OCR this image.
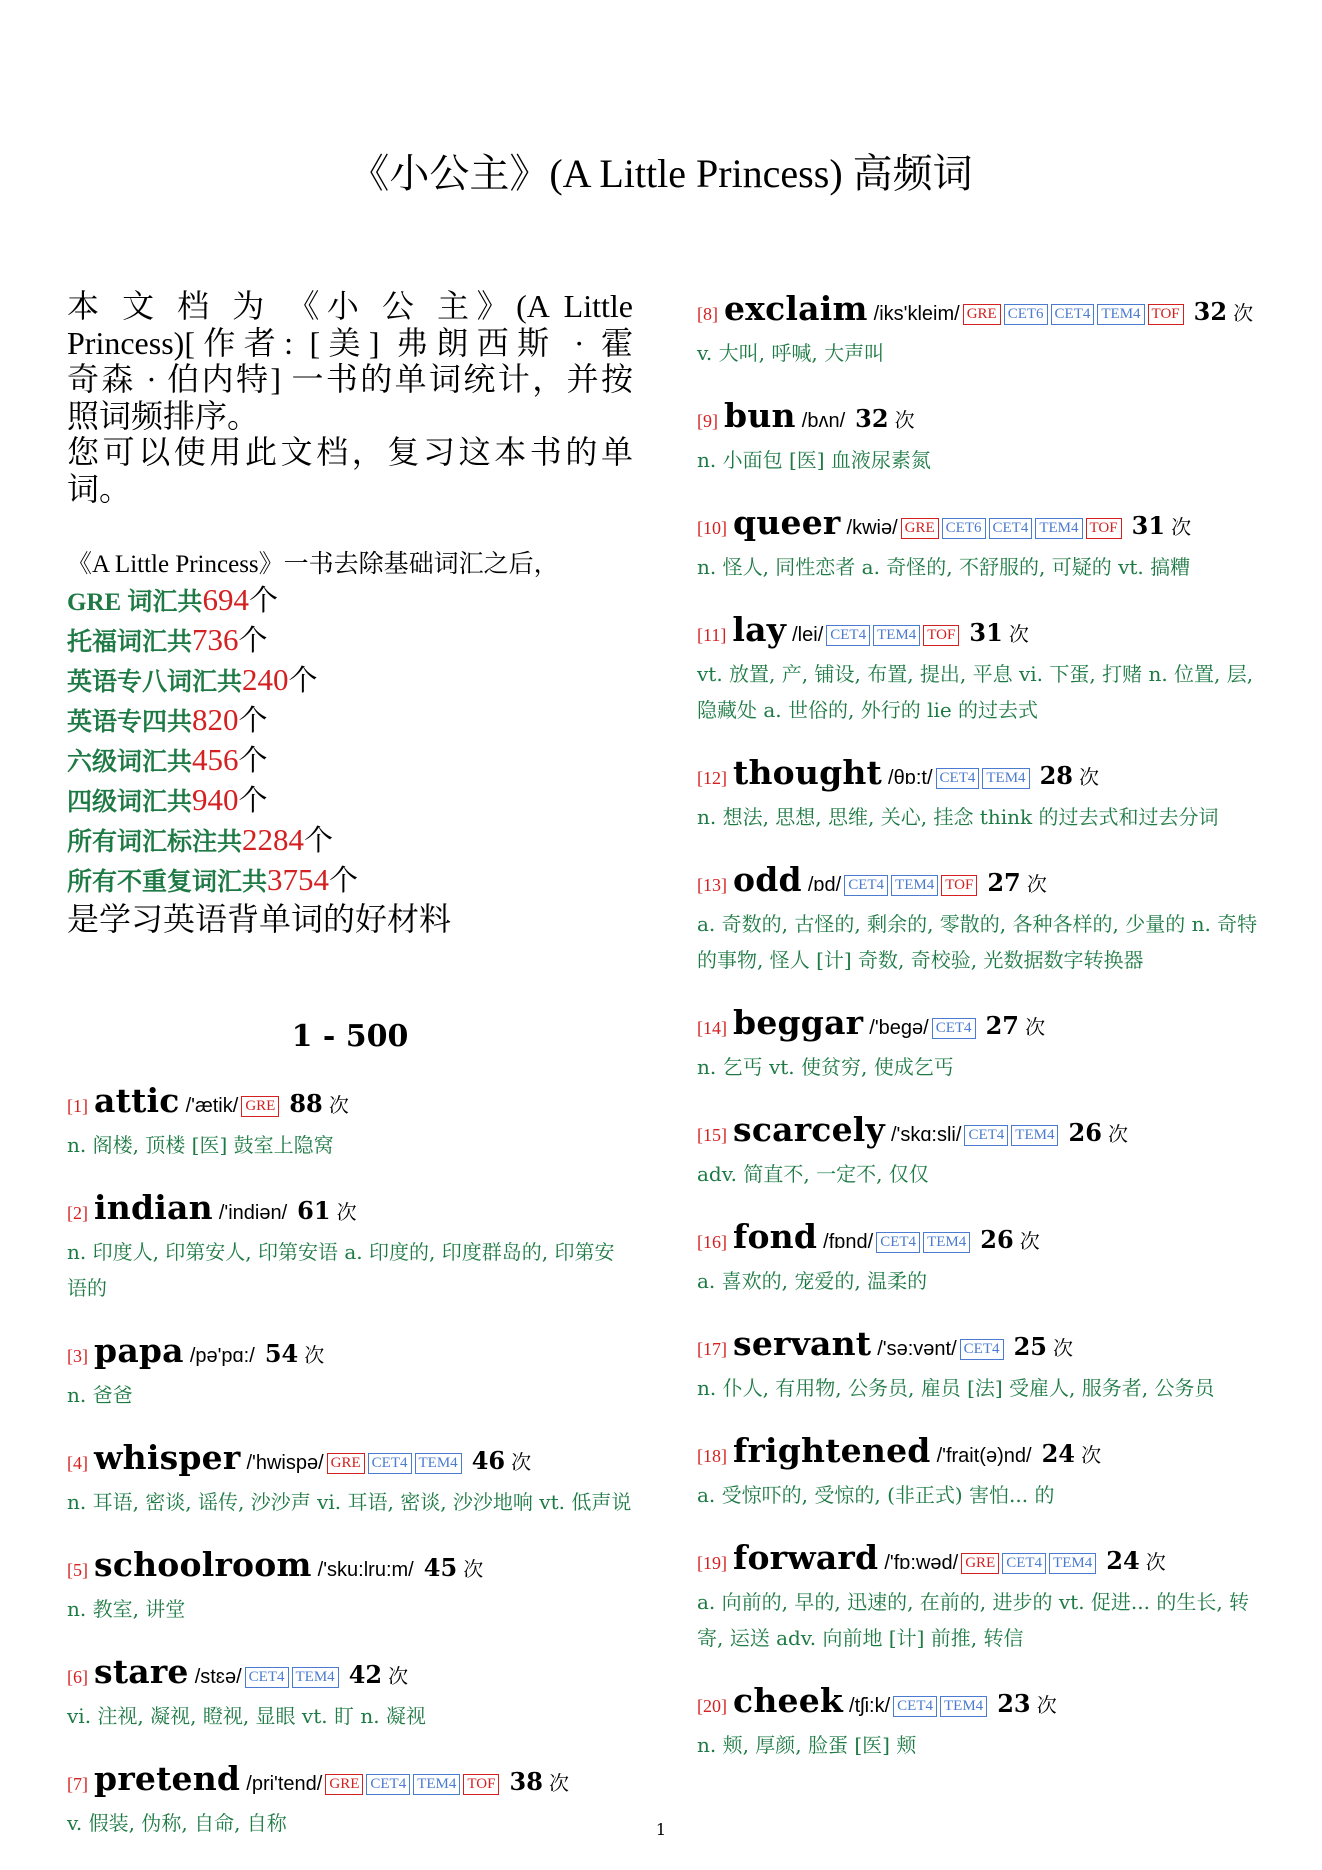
《小公主》(A Little Princess) 高频词
本 文 档 为 《小 公 主》(A Little
Princess)[作者: [美] 弗朗西斯 · 霍
奇森 · 伯内特] 一书的单词统计，并按
照词频排序。
您可以使用此文档，复习这本书的单
词。
《A Little Princess》一书去除基础词汇之后，
GRE 词汇共694个
托福词汇共736个
英语专八词汇共240个
英语专四共820个
六级词汇共456个
四级词汇共940个
所有词汇标注共2284个
所有不重复词汇共3754个
是学习英语背单词的好材料
1 - 500
[1] attic /'ætik/ GRE 88 次
n. 阁楼, 顶楼 [医] 鼓室上隐窝
[2] indian /'indiən/ 61 次
n. 印度人, 印第安人, 印第安语 a. 印度的, 印度群岛的, 印第安语的
[3] papa /pə'pɑ:/ 54 次
n. 爸爸
[4] whisper /'hwispə/ GRE CET4 TEM4 46 次
n. 耳语, 密谈, 谣传, 沙沙声 vi. 耳语, 密谈, 沙沙地响 vt. 低声说
[5] schoolroom /'sku:lru:m/ 45 次
n. 教室, 讲堂
[6] stare /stɛə/ CET4 TEM4 42 次
vi. 注视, 凝视, 瞪视, 显眼 vt. 盯 n. 凝视
[7] pretend /pri'tend/ GRE CET4 TEM4 TOF 38 次
v. 假装, 伪称, 自命, 自称
[8] exclaim /iks'kleim/ GRE CET6 CET4 TEM4 TOF 32 次
v. 大叫, 呼喊, 大声叫
[9] bun /bʌn/ 32 次
n. 小面包 [医] 血液尿素氮
[10] queer /kwiə/ GRE CET6 CET4 TEM4 TOF 31 次
n. 怪人, 同性恋者 a. 奇怪的, 不舒服的, 可疑的 vt. 搞糟
[11] lay /lei/ CET4 TEM4 TOF 31 次
vt. 放置, 产, 铺设, 布置, 提出, 平息 vi. 下蛋, 打赌 n. 位置, 层, 隐藏处 a. 世俗的, 外行的 lie 的过去式
[12] thought /θɒ:t/ CET4 TEM4 28 次
n. 想法, 思想, 思维, 关心, 挂念 think 的过去式和过去分词
[13] odd /ɒd/ CET4 TEM4 TOF 27 次
a. 奇数的, 古怪的, 剩余的, 零散的, 各种各样的, 少量的 n. 奇特的事物, 怪人 [计] 奇数, 奇校验, 光数据数字转换器
[14] beggar /'begə/ CET4 27 次
n. 乞丐 vt. 使贫穷, 使成乞丐
[15] scarcely /'skɑ:sli/ CET4 TEM4 26 次
adv. 简直不, 一定不, 仅仅
[16] fond /fɒnd/ CET4 TEM4 26 次
a. 喜欢的, 宠爱的, 温柔的
[17] servant /'sə:vənt/ CET4 25 次
n. 仆人, 有用物, 公务员, 雇员 [法] 受雇人, 服务者, 公务员
[18] frightened /'frait(ə)nd/ 24 次
a. 受惊吓的, 受惊的, (非正式) 害怕... 的
[19] forward /'fɒ:wəd/ GRE CET4 TEM4 24 次
a. 向前的, 早的, 迅速的, 在前的, 进步的 vt. 促进... 的生长, 转寄, 运送 adv. 向前地 [计] 前推, 转信
[20] cheek /tʃi:k/ CET4 TEM4 23 次
n. 颊, 厚颜, 脸蛋 [医] 颊
1
